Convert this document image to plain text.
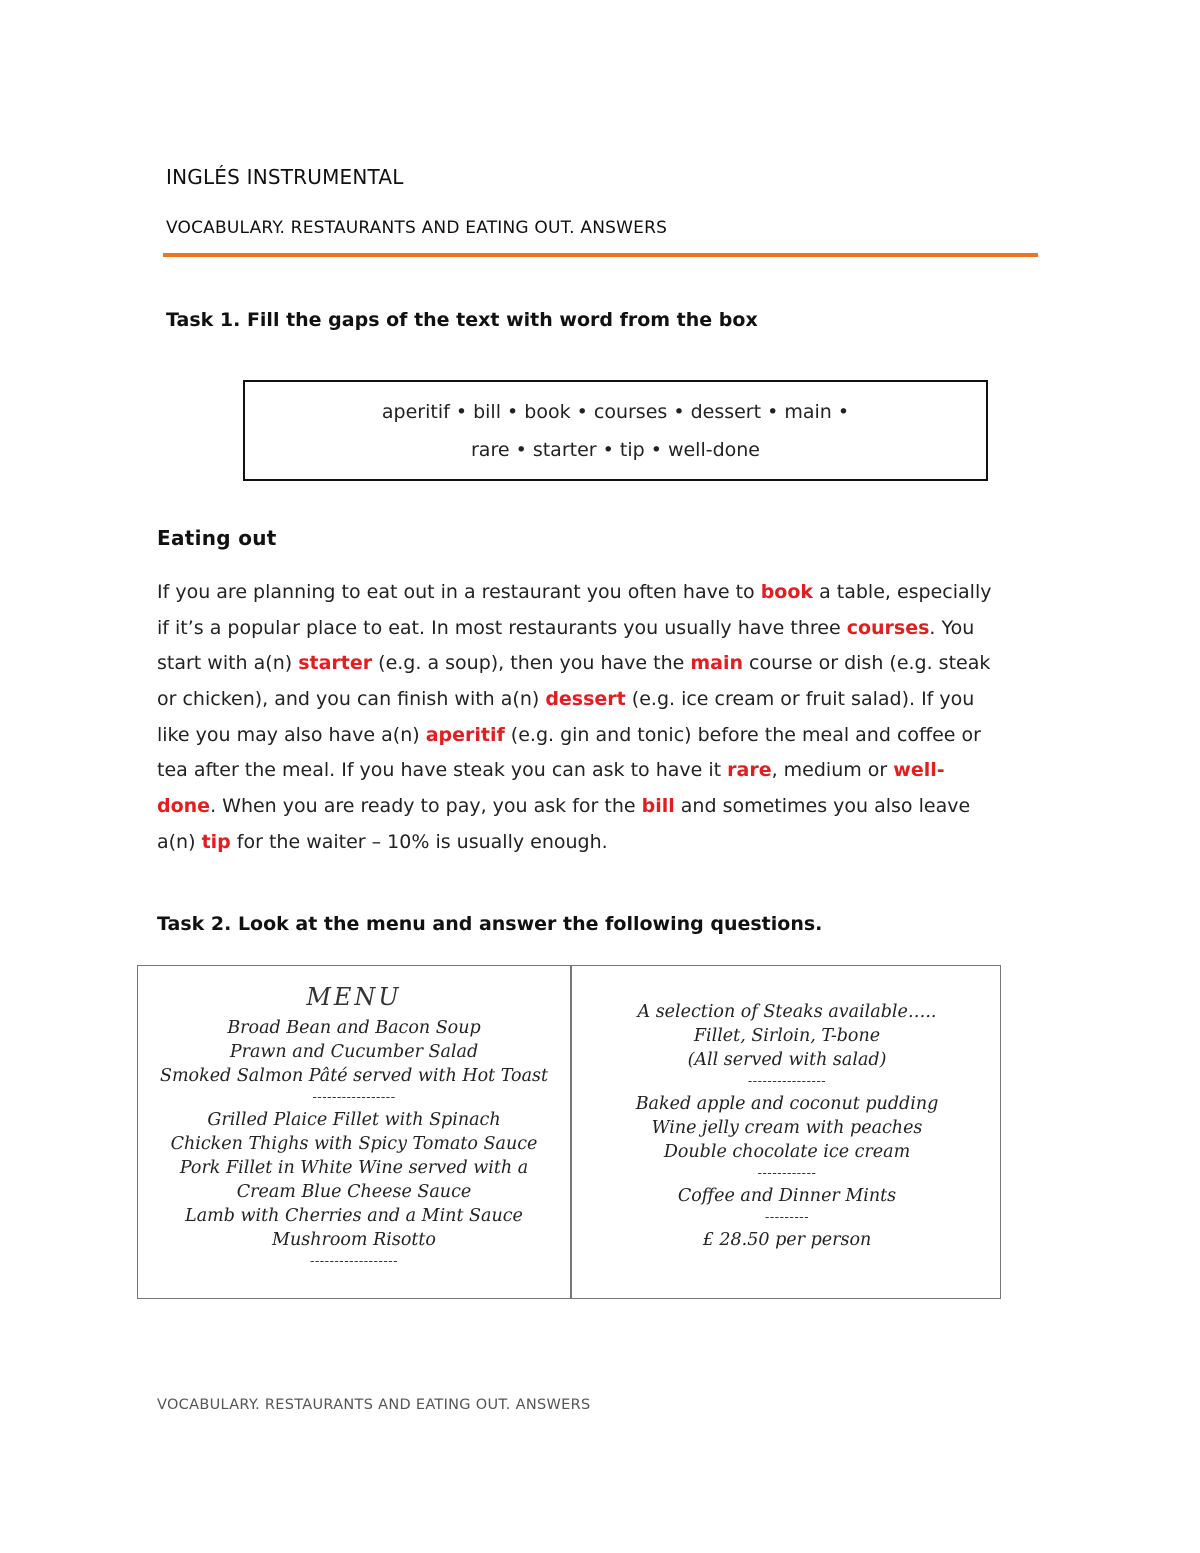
INGLÉS INSTRUMENTAL
VOCABULARY. RESTAURANTS AND EATING OUT. ANSWERS
Task 1. Fill the gaps of the text with word from the box
aperitif • bill • book • courses • dessert • main •
rare • starter • tip • well-done
Eating out
If you are planning to eat out in a restaurant you often have to book a table, especially
if it’s a popular place to eat. In most restaurants you usually have three courses. You
start with a(n) starter (e.g. a soup), then you have the main course or dish (e.g. steak
or chicken), and you can finish with a(n) dessert (e.g. ice cream or fruit salad). If you
like you may also have a(n) aperitif (e.g. gin and tonic) before the meal and coffee or
tea after the meal. If you have steak you can ask to have it rare, medium or well-
done. When you are ready to pay, you ask for the bill and sometimes you also leave
a(n) tip for the waiter – 10% is usually enough.
Task 2. Look at the menu and answer the following questions.
MENU
Broad Bean and Bacon Soup
Prawn and Cucumber Salad
Smoked Salmon Pâté served with Hot Toast
-----------------
Grilled Plaice Fillet with Spinach
Chicken Thighs with Spicy Tomato Sauce
Pork Fillet in White Wine served with a
Cream Blue Cheese Sauce
Lamb with Cherries and a Mint Sauce
Mushroom Risotto
------------------
A selection of Steaks available…..
Fillet, Sirloin, T-bone
(All served with salad)
----------------
Baked apple and coconut pudding
Wine jelly cream with peaches
Double chocolate ice cream
------------
Coffee and Dinner Mints
---------
£ 28.50 per person
VOCABULARY. RESTAURANTS AND EATING OUT. ANSWERS
